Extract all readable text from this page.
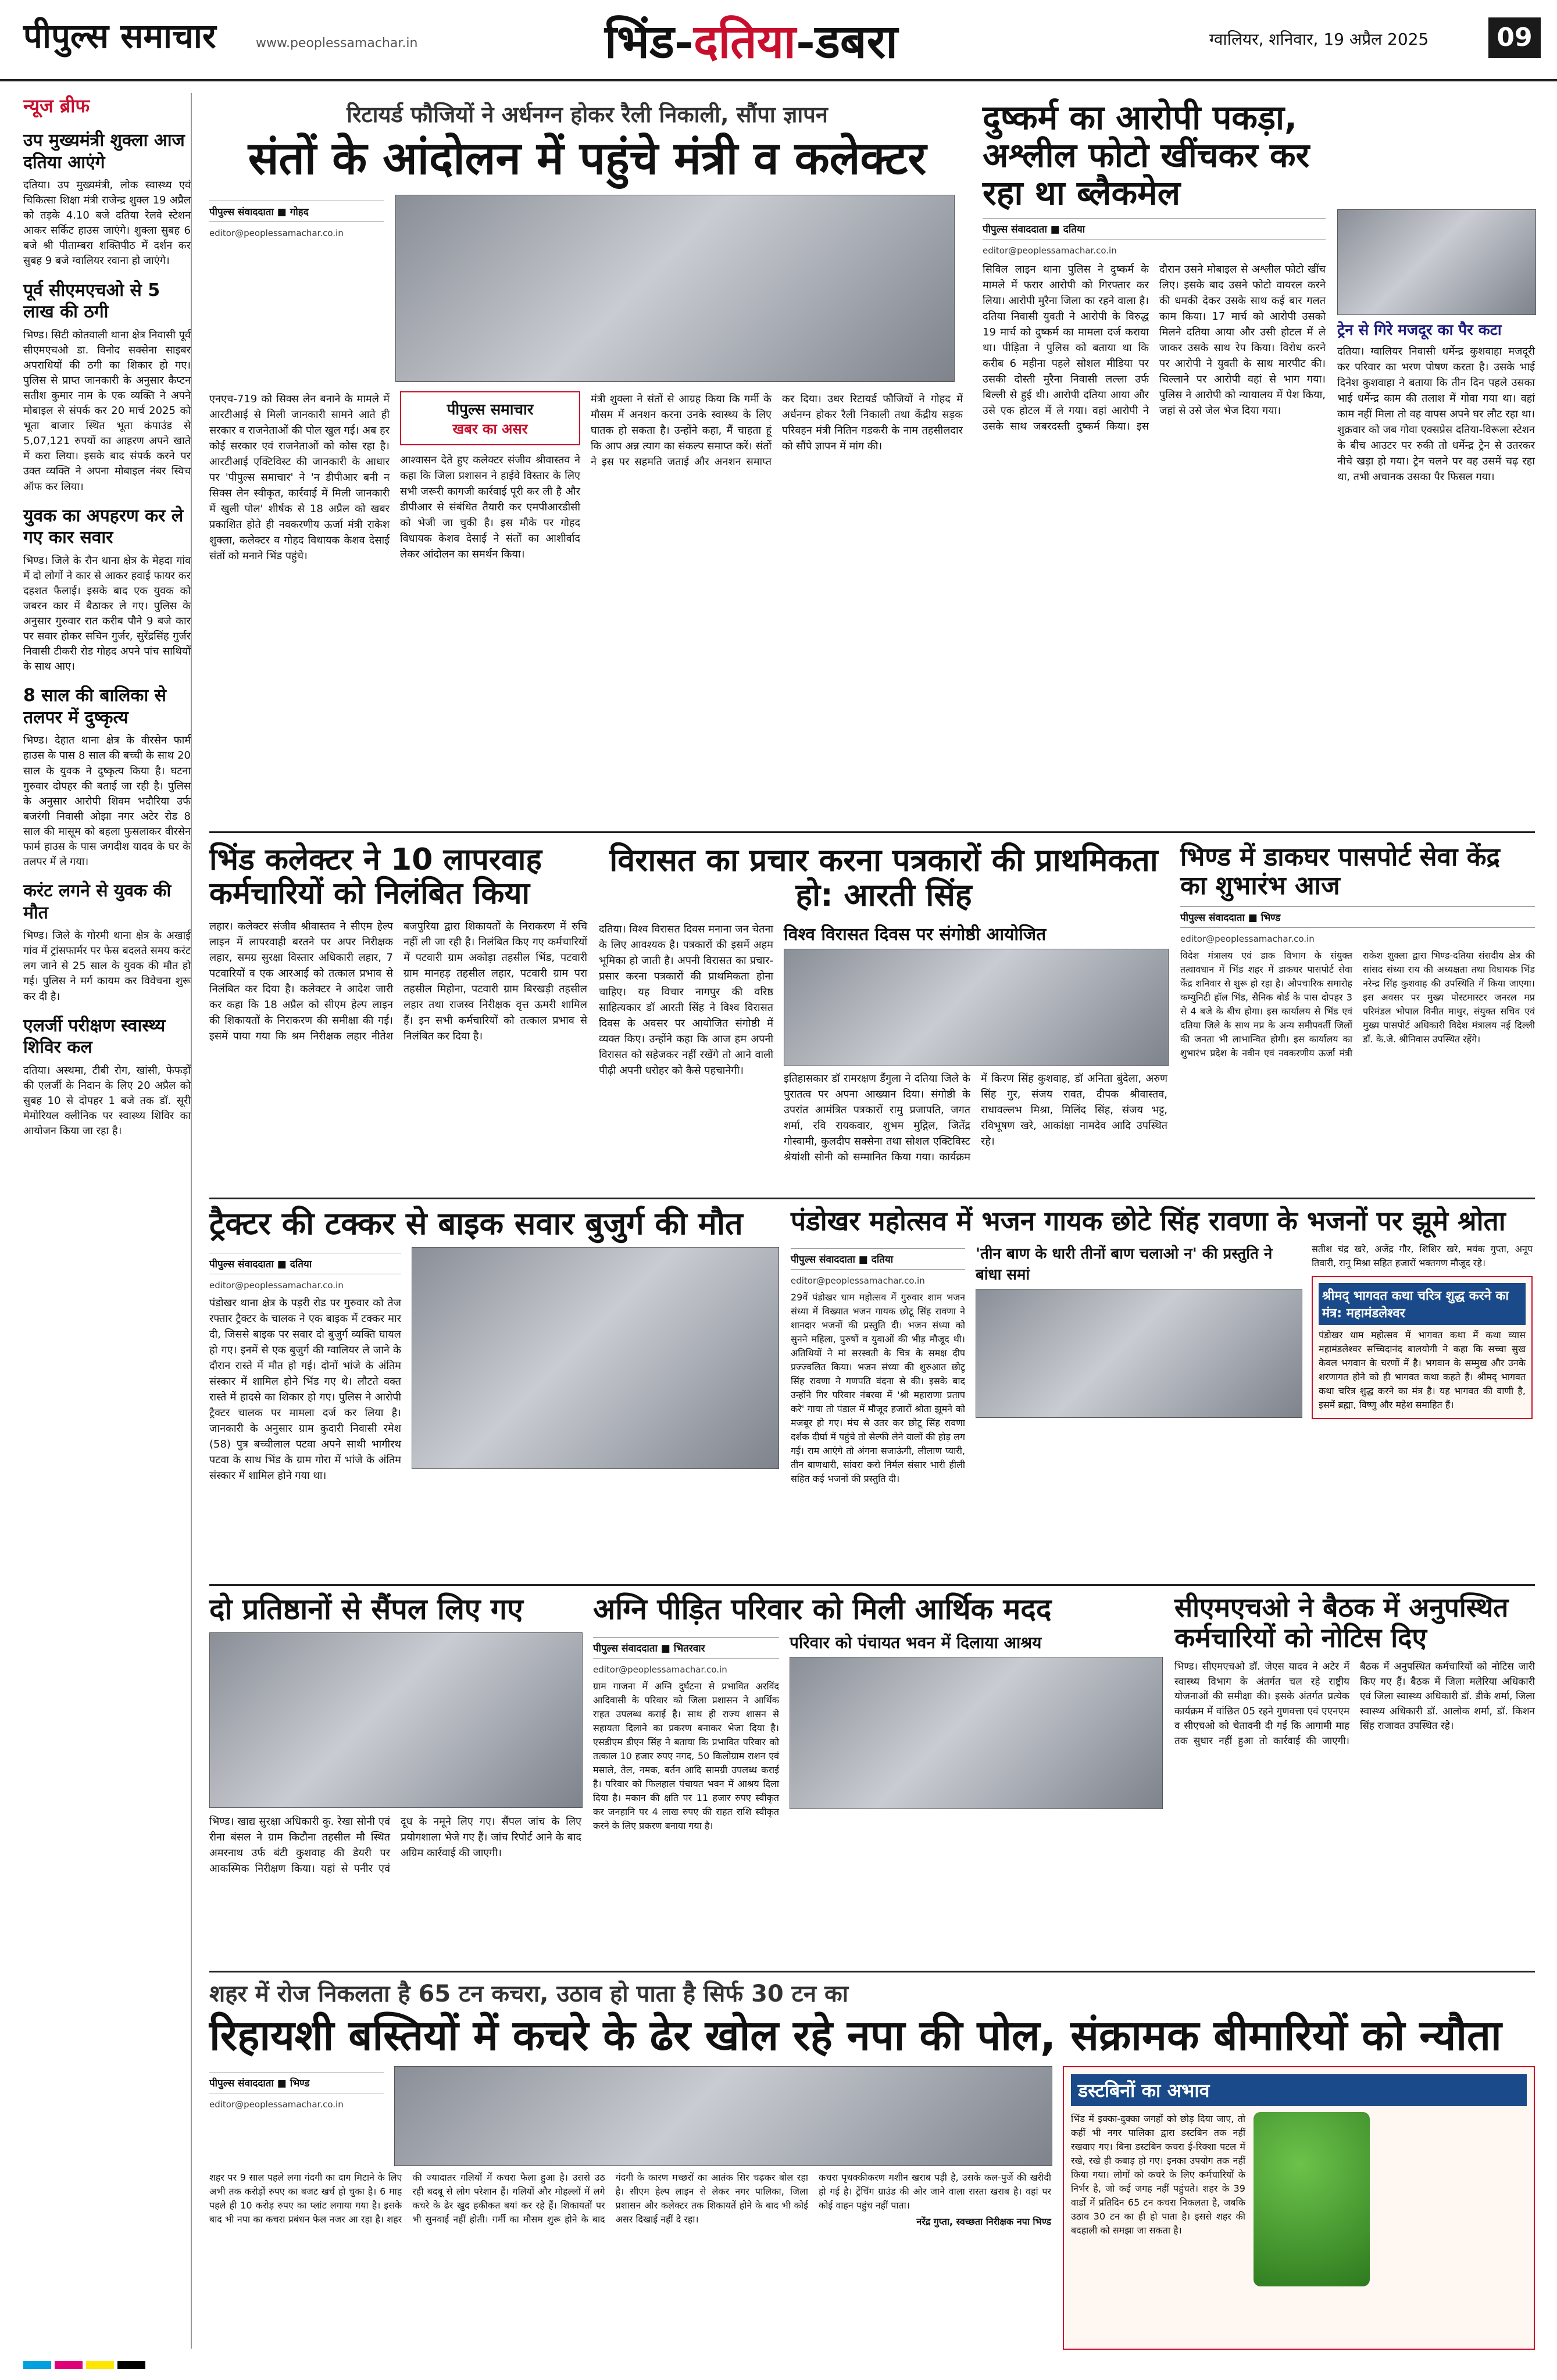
पीपुल्स समाचार	www.peoplessamachar.in	भिंड-दतिया-डबरा	ग्वालियर, शनिवार, 19 अप्रैल 2025	09
न्यूज ब्रीफ
उप मुख्यमंत्री शुक्ला आज दतिया आएंगे

दतिया। उप मुख्यमंत्री, लोक स्वास्थ्य एवं चिकित्सा शिक्षा मंत्री राजेन्द्र शुक्ल 19 अप्रैल को तड़के 4.10 बजे दतिया रेलवे स्टेशन आकर सर्किट हाउस जाएंगे। शुक्ला सुबह 6 बजे श्री पीताम्बरा शक्तिपीठ में दर्शन कर सुबह 9 बजे ग्वालियर रवाना हो जाएंगे।

पूर्व सीएमएचओ से 5 लाख की ठगी

भिण्ड। सिटी कोतवाली थाना क्षेत्र निवासी पूर्व सीएमएचओ डा. विनोद सक्सेना साइबर अपराधियों की ठगी का शिकार हो गए। पुलिस से प्राप्त जानकारी के अनुसार कैप्टन सतीश कुमार नाम के एक व्यक्ति ने अपने मोबाइल से संपर्क कर 20 मार्च 2025 को भूता बाजार स्थित भूता कंपाउंड से 5,07,121 रुपयों का आहरण अपने खाते में करा लिया। इसके बाद संपर्क करने पर उक्त व्यक्ति ने अपना मोबाइल नंबर स्विच ऑफ कर लिया।

युवक का अपहरण कर ले गए कार सवार

भिण्ड। जिले के रौन थाना क्षेत्र के मेहदा गांव में दो लोगों ने कार से आकर हवाई फायर कर दहशत फैलाई। इसके बाद एक युवक को जबरन कार में बैठाकर ले गए। पुलिस के अनुसार गुरुवार रात करीब पौने 9 बजे कार पर सवार होकर सचिन गुर्जर, सुरेंद्रसिंह गुर्जर निवासी टीकरी रोड गोहद अपने पांच साथियों के साथ आए।

8 साल की बालिका से तलपर में दुष्कृत्य

भिण्ड। देहात थाना क्षेत्र के वीरसेन फार्म हाउस के पास 8 साल की बच्ची के साथ 20 साल के युवक ने दुष्कृत्य किया है। घटना गुरुवार दोपहर की बताई जा रही है। पुलिस के अनुसार आरोपी शिवम भदौरिया उर्फ बजरंगी निवासी ओझा नगर अटेर रोड 8 साल की मासूम को बहला फुसलाकर वीरसेन फार्म हाउस के पास जगदीश यादव के घर के तलपर में ले गया।

करंट लगने से युवक की मौत

भिण्ड। जिले के गोरमी थाना क्षेत्र के अखाई गांव में ट्रांसफार्मर पर फेस बदलते समय करंट लग जाने से 25 साल के युवक की मौत हो गई। पुलिस ने मर्ग कायम कर विवेचना शुरू कर दी है।

एलर्जी परीक्षण स्वास्थ्य शिविर कल

दतिया। अस्थमा, टीबी रोग, खांसी, फेफड़ों की एलर्जी के निदान के लिए 20 अप्रैल को सुबह 10 से दोपहर 1 बजे तक डॉ. सूरी मेमोरियल क्लीनिक पर स्वास्थ्य शिविर का आयोजन किया जा रहा है।

रिटायर्ड फौजियों ने अर्धनग्न होकर रैली निकाली, सौंपा ज्ञापन
संतों के आंदोलन में पहुंचे मंत्री व कलेक्टर
पीपुल्स संवाददाता ■ गोहद
editor@peoplessamachar.co.in
एनएच-719 को सिक्स लेन बनाने के मामले में आरटीआई से मिली जानकारी सामने आते ही सरकार व राजनेताओं की पोल खुल गई। अब हर कोई सरकार एवं राजनेताओं को कोस रहा है। आरटीआई एक्टिविस्ट की जानकारी के आधार पर 'पीपुल्स समाचार' ने 'न डीपीआर बनी न सिक्स लेन स्वीकृत, कार्रवाई में मिली जानकारी में खुली पोल' शीर्षक से 18 अप्रैल को खबर प्रकाशित होते ही नवकरणीय ऊर्जा मंत्री राकेश शुक्ला, कलेक्टर व गोहद विधायक केशव देसाई संतों को मनाने भिंड पहुंचे।
पीपुल्स समाचार
खबर का असर
आश्वासन देते हुए कलेक्टर संजीव श्रीवास्तव ने कहा कि जिला प्रशासन ने हाईवे विस्तार के लिए सभी जरूरी कागजी कार्रवाई पूरी कर ली है और डीपीआर से संबंधित तैयारी कर एमपीआरडीसी को भेजी जा चुकी है। इस मौके पर गोहद विधायक केशव देसाई ने संतों का आशीर्वाद लेकर आंदोलन का समर्थन किया।
मंत्री शुक्ला ने संतों से आग्रह किया कि गर्मी के मौसम में अनशन करना उनके स्वास्थ्य के लिए घातक हो सकता है। उन्होंने कहा, मैं चाहता हूं कि आप अन्न त्याग का संकल्प समाप्त करें। संतों ने इस पर सहमति जताई और अनशन समाप्त कर दिया। उधर रिटायर्ड फौजियों ने गोहद में अर्धनग्न होकर रैली निकाली तथा केंद्रीय सड़क परिवहन मंत्री नितिन गडकरी के नाम तहसीलदार को सौंपे ज्ञापन में मांग की।
दुष्कर्म का आरोपी पकड़ा, अश्लील फोटो खींचकर कर रहा था ब्लैकमेल
पीपुल्स संवाददाता ■ दतिया
editor@peoplessamachar.co.in
सिविल लाइन थाना पुलिस ने दुष्कर्म के मामले में फरार आरोपी को गिरफ्तार कर लिया। आरोपी मुरैना जिला का रहने वाला है। दतिया निवासी युवती ने आरोपी के विरुद्ध 19 मार्च को दुष्कर्म का मामला दर्ज कराया था। पीड़िता ने पुलिस को बताया था कि करीब 6 महीना पहले सोशल मीडिया पर उसकी दोस्ती मुरैना निवासी लल्ला उर्फ बिल्ली से हुई थी। आरोपी दतिया आया और उसे एक होटल में ले गया। वहां आरोपी ने उसके साथ जबरदस्ती दुष्कर्म किया। इस दौरान उसने मोबाइल से अश्लील फोटो खींच लिए। इसके बाद उसने फोटो वायरल करने की धमकी देकर उसके साथ कई बार गलत काम किया। 17 मार्च को आरोपी उसको मिलने दतिया आया और उसी होटल में ले जाकर उसके साथ रेप किया। विरोध करने पर आरोपी ने युवती के साथ मारपीट की। चिल्लाने पर आरोपी वहां से भाग गया। पुलिस ने आरोपी को न्यायालय में पेश किया, जहां से उसे जेल भेज दिया गया।
ट्रेन से गिरे मजदूर का पैर कटा
दतिया। ग्वालियर निवासी धर्मेन्द्र कुशवाहा मजदूरी कर परिवार का भरण पोषण करता है। उसके भाई दिनेश कुशवाहा ने बताया कि तीन दिन पहले उसका भाई धर्मेन्द्र काम की तलाश में गोवा गया था। वहां काम नहीं मिला तो वह वापस अपने घर लौट रहा था। शुक्रवार को जब गोवा एक्सप्रेस दतिया-विरूला स्टेशन के बीच आउटर पर रुकी तो धर्मेन्द्र ट्रेन से उतरकर नीचे खड़ा हो गया। ट्रेन चलने पर वह उसमें चढ़ रहा था, तभी अचानक उसका पैर फिसल गया।
भिंड कलेक्टर ने 10 लापरवाह कर्मचारियों को निलंबित किया
लहार। कलेक्टर संजीव श्रीवास्तव ने सीएम हेल्प लाइन में लापरवाही बरतने पर अपर निरीक्षक लहार, समग्र सुरक्षा विस्तार अधिकारी लहार, 7 पटवारियों व एक आरआई को तत्काल प्रभाव से निलंबित कर दिया है। कलेक्टर ने आदेश जारी कर कहा कि 18 अप्रैल को सीएम हेल्प लाइन की शिकायतों के निराकरण की समीक्षा की गई। इसमें पाया गया कि श्रम निरीक्षक लहार नीतेश बजपुरिया द्वारा शिकायतों के निराकरण में रुचि नहीं ली जा रही है। निलंबित किए गए कर्मचारियों में पटवारी ग्राम अकोड़ा तहसील भिंड, पटवारी ग्राम मानहड़ तहसील लहार, पटवारी ग्राम परा तहसील मिहोना, पटवारी ग्राम बिरखड़ी तहसील लहार तथा राजस्व निरीक्षक वृत्त ऊमरी शामिल हैं। इन सभी कर्मचारियों को तत्काल प्रभाव से निलंबित कर दिया है।
विरासत का प्रचार करना पत्रकारों की प्राथमिकता हो: आरती सिंह
दतिया। विश्व विरासत दिवस मनाना जन चेतना के लिए आवश्यक है। पत्रकारों की इसमें अहम भूमिका हो जाती है। अपनी विरासत का प्रचार-प्रसार करना पत्रकारों की प्राथमिकता होना चाहिए। यह विचार नागपुर की वरिष्ठ साहित्यकार डॉ आरती सिंह ने विश्व विरासत दिवस के अवसर पर आयोजित संगोष्ठी में व्यक्त किए। उन्होंने कहा कि आज हम अपनी विरासत को सहेजकर नहीं रखेंगे तो आने वाली पीढ़ी अपनी धरोहर को कैसे पहचानेगी।
विश्व विरासत दिवस पर संगोष्ठी आयोजित
इतिहासकार डॉ रामरक्षण डैंगुला ने दतिया जिले के पुरातत्व पर अपना आख्यान दिया। संगोष्ठी के उपरांत आमंत्रित पत्रकारों रामु प्रजापति, जगत शर्मा, रवि रायकवार, शुभम मुद्गिल, जितेंद्र गोस्वामी, कुलदीप सक्सेना तथा सोशल एक्टिविस्ट श्रेयांशी सोनी को सम्मानित किया गया। कार्यक्रम में किरण सिंह कुशवाह, डॉ अनिता बुंदेला, अरुण सिंह गुर, संजय रावत, दीपक श्रीवास्तव, राधावल्लभ मिश्रा, मिलिंद सिंह, संजय भट्ट, रविभूषण खरे, आकांक्षा नामदेव आदि उपस्थित रहे।
भिण्ड में डाकघर पासपोर्ट सेवा केंद्र का शुभारंभ आज
पीपुल्स संवाददाता ■ भिण्ड
editor@peoplessamachar.co.in
विदेश मंत्रालय एवं डाक विभाग के संयुक्त तत्वावधान में भिंड शहर में डाकघर पासपोर्ट सेवा केंद्र शनिवार से शुरू हो रहा है। औपचारिक समारोह कम्युनिटी हॉल भिंड, सैनिक बोर्ड के पास दोपहर 3 से 4 बजे के बीच होगा। इस कार्यालय से भिंड एवं दतिया जिले के साथ मप्र के अन्य समीपवर्ती जिलों की जनता भी लाभान्वित होगी। इस कार्यालय का शुभारंभ प्रदेश के नवीन एवं नवकरणीय ऊर्जा मंत्री राकेश शुक्ला द्वारा भिण्ड-दतिया संसदीय क्षेत्र की सांसद संध्या राय की अध्यक्षता तथा विधायक भिंड नरेन्द्र सिंह कुशवाह की उपस्थिति में किया जाएगा। इस अवसर पर मुख्य पोस्टमास्टर जनरल मप्र परिमंडल भोपाल विनीत माथुर, संयुक्त सचिव एवं मुख्य पासपोर्ट अधिकारी विदेश मंत्रालय नई दिल्ली डॉ. के.जे. श्रीनिवास उपस्थित रहेंगे।
ट्रैक्टर की टक्कर से बाइक सवार बुजुर्ग की मौत
पीपुल्स संवाददाता ■ दतिया
editor@peoplessamachar.co.in
पंडोखर थाना क्षेत्र के पड़री रोड पर गुरुवार को तेज रफ्तार ट्रैक्टर के चालक ने एक बाइक में टक्कर मार दी, जिससे बाइक पर सवार दो बुजुर्ग व्यक्ति घायल हो गए। इनमें से एक बुजुर्ग की ग्वालियर ले जाने के दौरान रास्ते में मौत हो गई। दोनों भांजे के अंतिम संस्कार में शामिल होने भिंड गए थे। लौटते वक्त रास्ते में हादसे का शिकार हो गए। पुलिस ने आरोपी ट्रैक्टर चालक पर मामला दर्ज कर लिया है। जानकारी के अनुसार ग्राम कुदारी निवासी रमेश (58) पुत्र बच्चीलाल पटवा अपने साथी भागीरथ पटवा के साथ भिंड के ग्राम गोरा में भांजे के अंतिम संस्कार में शामिल होने गया था।
पंडोखर महोत्सव में भजन गायक छोटे सिंह रावणा के भजनों पर झूमे श्रोता
पीपुल्स संवाददाता ■ दतिया
editor@peoplessamachar.co.in
29वें पंडोखर धाम महोत्सव में गुरुवार शाम भजन संध्या में विख्यात भजन गायक छोटू सिंह रावणा ने शानदार भजनों की प्रस्तुति दी। भजन संध्या को सुनने महिला, पुरुषों व युवाओं की भीड़ मौजूद थी। अतिथियों ने मां सरस्वती के चित्र के समक्ष दीप प्रज्ज्वलित किया। भजन संध्या की शुरुआत छोटू सिंह रावणा ने गणपति वंदना से की। इसके बाद उन्होंने गिर परिवार नंबरवा में 'श्री महाराणा प्रताप करे' गाया तो पंडाल में मौजूद हजारों श्रोता झूमने को मजबूर हो गए। मंच से उतर कर छोटू सिंह रावणा दर्शक दीर्घा में पहुंचे तो सेल्फी लेने वालों की होड़ लग गई। राम आएंगे तो अंगना सजाऊंगी, लीलाण प्यारी, तीन बाणधारी, सांवरा करो निर्मल संसार भारी हीली सहित कई भजनों की प्रस्तुति दी।
'तीन बाण के धारी तीनों बाण चलाओ न' की प्रस्तुति ने बांधा समां
सतीश चंद्र खरे, अजेंद्र गौर, शिशिर खरे, मयंक गुप्ता, अनूप तिवारी, रानू मिश्रा सहित हजारों भक्तगण मौजूद रहे।
श्रीमद् भागवत कथा चरित्र शुद्ध करने का मंत्र: महामंडलेश्वर
पंडोखर धाम महोत्सव में भागवत कथा में कथा व्यास महामंडलेश्वर सच्चिदानंद बालयोगी ने कहा कि सच्चा सुख केवल भगवान के चरणों में है। भगवान के सम्मुख और उनके शरणागत होने को ही भागवत कथा कहते हैं। श्रीमद् भागवत कथा चरित्र शुद्ध करने का मंत्र है। यह भागवत की वाणी है, इसमें ब्रह्मा, विष्णु और महेश समाहित हैं।
दो प्रतिष्ठानों से सैंपल लिए गए
भिण्ड। खाद्य सुरक्षा अधिकारी कु. रेखा सोनी एवं रीना बंसल ने ग्राम किटौना तहसील मौ स्थित अमरनाथ उर्फ बंटी कुशवाह की डेयरी पर आकस्मिक निरीक्षण किया। यहां से पनीर एवं दूध के नमूने लिए गए। सैंपल जांच के लिए प्रयोगशाला भेजे गए हैं। जांच रिपोर्ट आने के बाद अग्रिम कार्रवाई की जाएगी।
अग्नि पीड़ित परिवार को मिली आर्थिक मदद
पीपुल्स संवाददाता ■ भितरवार
editor@peoplessamachar.co.in
ग्राम गाजना में अग्नि दुर्घटना से प्रभावित अरविंद आदिवासी के परिवार को जिला प्रशासन ने आर्थिक राहत उपलब्ध कराई है। साथ ही राज्य शासन से सहायता दिलाने का प्रकरण बनाकर भेजा दिया है। एसडीएम डीएन सिंह ने बताया कि प्रभावित परिवार को तत्काल 10 हजार रुपए नगद, 50 किलोग्राम राशन एवं मसाले, तेल, नमक, बर्तन आदि सामग्री उपलब्ध कराई है। परिवार को फिलहाल पंचायत भवन में आश्रय दिला दिया है। मकान की क्षति पर 11 हजार रुपए स्वीकृत कर जनहानि पर 4 लाख रुपए की राहत राशि स्वीकृत करने के लिए प्रकरण बनाया गया है।
परिवार को पंचायत भवन में दिलाया आश्रय
सीएमएचओ ने बैठक में अनुपस्थित कर्मचारियों को नोटिस दिए
भिण्ड। सीएमएचओ डॉ. जेएस यादव ने अटेर में स्वास्थ्य विभाग के अंतर्गत चल रहे राष्ट्रीय योजनाओं की समीक्षा की। इसके अंतर्गत प्रत्येक कार्यक्रम में वांछित 05 रहने गुणवत्ता एवं एएनएम व सीएचओ को चेतावनी दी गई कि आगामी माह तक सुधार नहीं हुआ तो कार्रवाई की जाएगी। बैठक में अनुपस्थित कर्मचारियों को नोटिस जारी किए गए हैं। बैठक में जिला मलेरिया अधिकारी एवं जिला स्वास्थ्य अधिकारी डॉ. डीके शर्मा, जिला स्वास्थ्य अधिकारी डॉ. आलोक शर्मा, डॉ. किशन सिंह राजावत उपस्थित रहे।
शहर में रोज निकलता है 65 टन कचरा, उठाव हो पाता है सिर्फ 30 टन का
रिहायशी बस्तियों में कचरे के ढेर खोल रहे नपा की पोल, संक्रामक बीमारियों को न्यौता
पीपुल्स संवाददाता ■ भिण्ड
editor@peoplessamachar.co.in
शहर पर 9 साल पहले लगा गंदगी का दाग मिटाने के लिए अभी तक करोड़ों रुपए का बजट खर्च हो चुका है। 6 माह पहले ही 10 करोड़ रुपए का प्लांट लगाया गया है। इसके बाद भी नपा का कचरा प्रबंधन फेल नजर आ रहा है। शहर की ज्यादातर गलियों में कचरा फैला हुआ है। उससे उठ रही बदबू से लोग परेशान हैं। गलियों और मोहल्लों में लगे कचरे के ढेर खुद हकीकत बयां कर रहे हैं। शिकायतों पर भी सुनवाई नहीं होती। गर्मी का मौसम शुरू होने के बाद गंदगी के कारण मच्छरों का आतंक सिर चढ़कर बोल रहा है। सीएम हेल्प लाइन से लेकर नगर पालिका, जिला प्रशासन और कलेक्टर तक शिकायतें होने के बाद भी कोई असर दिखाई नहीं दे रहा।
कचरा पृथक्कीकरण मशीन खराब पड़ी है, उसके कल-पुर्जे की खरीदी हो गई है। ट्रेंचिंग ग्राउंड की ओर जाने वाला रास्ता खराब है। वहां पर कोई वाहन पहुंच नहीं पाता।
नरेंद्र गुप्ता, स्वच्छता निरीक्षक नपा भिण्ड
डस्टबिनों का अभाव
भिंड में इक्का-दुक्का जगहों को छोड़ दिया जाए, तो कहीं भी नगर पालिका द्वारा डस्टबिन तक नहीं रखवाए गए। बिना डस्टबिन कचरा ई-रिक्शा पटल में रखे, रखे ही कबाड़ हो गए। इनका उपयोग तक नहीं किया गया। लोगों को कचरे के लिए कर्मचारियों के निर्भर है, जो कई जगह नहीं पहुंचते। शहर के 39 वार्डों में प्रतिदिन 65 टन कचरा निकलता है, जबकि उठाव 30 टन का ही हो पाता है। इससे शहर की बदहाली को समझा जा सकता है।
